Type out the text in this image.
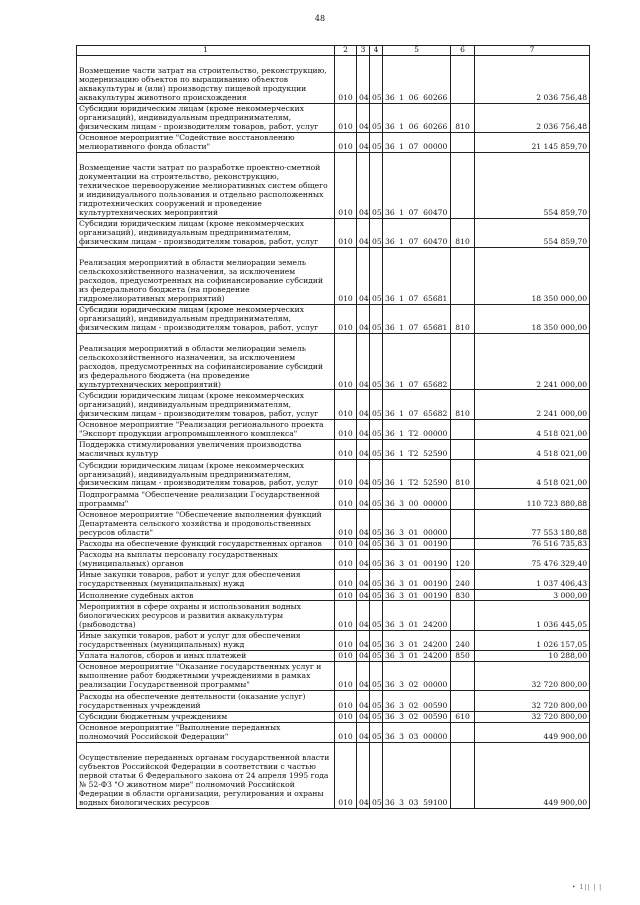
48
1	2	3	4	5				6	7
Возмещение части затрат на строительство, реконструкцию, модернизацию объектов по выращиванию объектов аквакультуры и (или) производству пищевой продукции аквакультуры животного происхождения	010	04	05	36	1	06	60266		2 036 756,48
Субсидии юридическим лицам (кроме некоммерческих организаций), индивидуальным предпринимателям, физическим лицам - производителям товаров, работ, услуг	010	04	05	36	1	06	60266	810	2 036 756,48
Основное мероприятие "Содействие восстановлению мелиоративного фонда области"	010	04	05	36	1	07	00000		21 145 859,70
Возмещение части затрат по разработке проектно-сметной документации на строительство, реконструкцию, техническое перевооружение мелиоративных систем общего и индивидуального пользования и отдельно расположенных гидротехнических сооружений и проведение культуртехнических мероприятий	010	04	05	36	1	07	60470		554 859,70
Субсидии юридическим лицам (кроме некоммерческих организаций), индивидуальным предпринимателям, физическим лицам - производителям товаров, работ, услуг	010	04	05	36	1	07	60470	810	554 859,70
Реализация мероприятий в области мелиорации земель сельскохозяйственного назначения, за исключением расходов, предусмотренных на софинансирование субсидий из федерального бюджета (на проведение гидромелиоративных мероприятий)	010	04	05	36	1	07	65681		18 350 000,00
Субсидии юридическим лицам (кроме некоммерческих организаций), индивидуальным предпринимателям, физическим лицам - производителям товаров, работ, услуг	010	04	05	36	1	07	65681	810	18 350 000,00
Реализация мероприятий в области мелиорации земель сельскохозяйственного назначения, за исключением расходов, предусмотренных на софинансирование субсидий из федерального бюджета (на проведение культуртехнических мероприятий)	010	04	05	36	1	07	65682		2 241 000,00
Субсидии юридическим лицам (кроме некоммерческих организаций), индивидуальным предпринимателям, физическим лицам - производителям товаров, работ, услуг	010	04	05	36	1	07	65682	810	2 241 000,00
Основное мероприятие "Реализация регионального проекта "Экспорт продукции агропромышленного комплекса"	010	04	05	36	1	Т2	00000		4 518 021,00
Поддержка стимулирования увеличения производства масличных культур	010	04	05	36	1	Т2	52590		4 518 021,00
Субсидии юридическим лицам (кроме некоммерческих организаций), индивидуальным предпринимателям, физическим лицам - производителям товаров, работ, услуг	010	04	05	36	1	Т2	52590	810	4 518 021,00
Подпрограмма "Обеспечение реализации Государственной программы"	010	04	05	36	3	00	00000		110 723 880,88
Основное мероприятие "Обеспечение выполнения функций Департамента сельского хозяйства и продовольственных ресурсов области"	010	04	05	36	3	01	00000		77 553 180,88
Расходы на обеспечение функций государственных органов	010	04	05	36	3	01	00190		76 516 735,83
Расходы на выплаты персоналу государственных (муниципальных) органов	010	04	05	36	3	01	00190	120	75 476 329,40
Иные закупки товаров, работ и услуг для обеспечения государственных (муниципальных) нужд	010	04	05	36	3	01	00190	240	1 037 406,43
Исполнение судебных актов	010	04	05	36	3	01	00190	830	3 000,00
Мероприятия в сфере охраны и использования водных биологических ресурсов и развития аквакультуры (рыбоводства)	010	04	05	36	3	01	24200		1 036 445,05
Иные закупки товаров, работ и услуг для обеспечения государственных (муниципальных) нужд	010	04	05	36	3	01	24200	240	1 026 157,05
Уплата налогов, сборов и иных платежей	010	04	05	36	3	01	24200	850	10 288,00
Основное мероприятие "Оказание государственных услуг и выполнение работ бюджетными учреждениями в рамках реализации Государственной программы"	010	04	05	36	3	02	00000		32 720 800,00
Расходы на обеспечение деятельности (оказание услуг) государственных учреждений	010	04	05	36	3	02	00590		32 720 800,00
Субсидии бюджетным учреждениям	010	04	05	36	3	02	00590	610	32 720 800,00
Основное мероприятие "Выполнение переданных полномочий Российской Федерации"	010	04	05	36	3	03	00000		449 900,00
Осуществление переданных органам государственной власти субъектов Российской Федерации в соответствии с частью первой статьи 6 Федерального закона от 24 апреля 1995 года № 52-ФЗ "О животном мире" полномочий Российской Федерации в области организации, регулирования и охраны водных биологических ресурсов	010	04	05	36	3	03	59100		449 900,00
• 1|| | |
